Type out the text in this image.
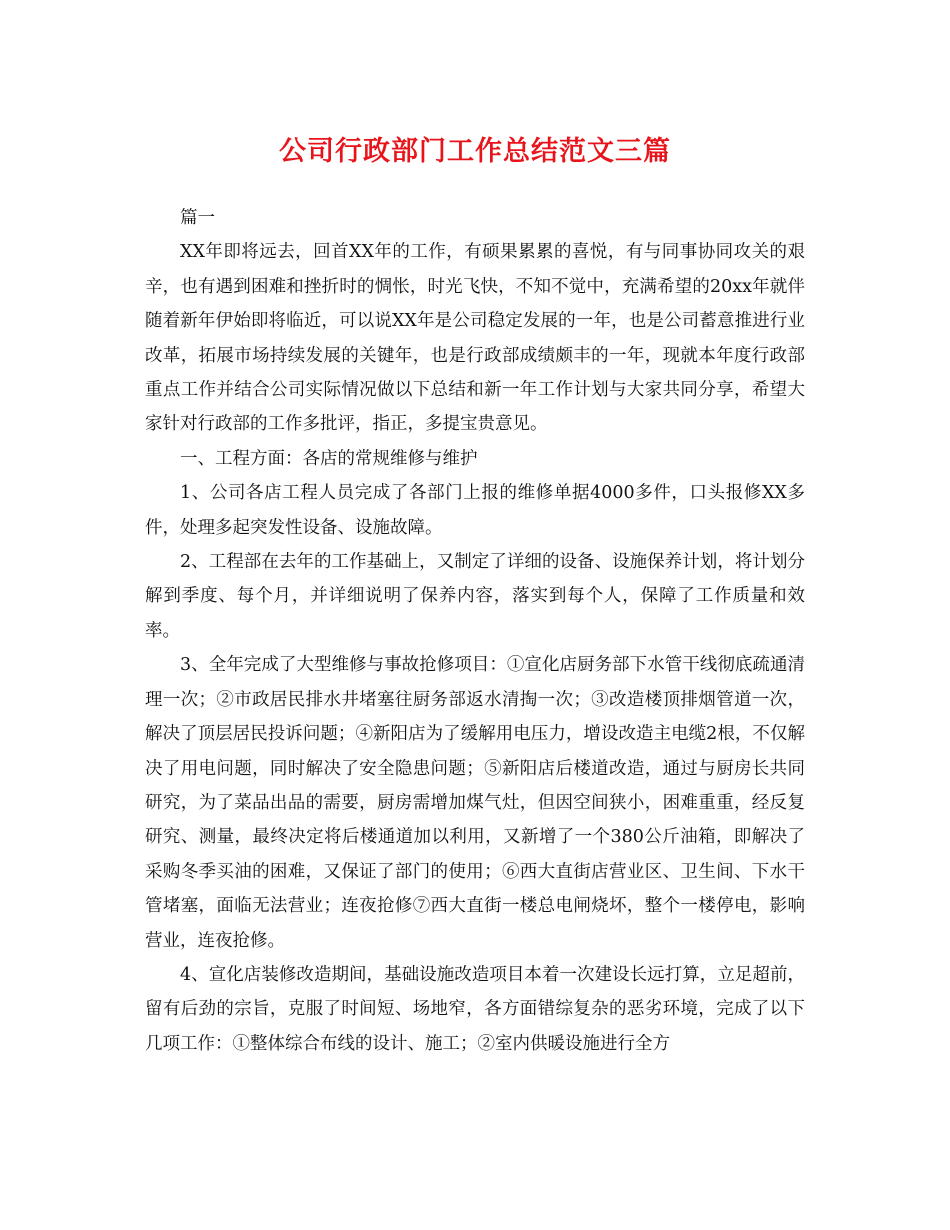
公司行政部门工作总结范文三篇

篇一

XX年即将远去，回首XX年的工作，有硕果累累的喜悦，有与同事协同攻关的艰辛，也有遇到困难和挫折时的惆怅，时光飞快，不知不觉中，充满希望的20xx年就伴随着新年伊始即将临近，可以说XX年是公司稳定发展的一年，也是公司蓄意推进行业改革，拓展市场持续发展的关键年，也是行政部成绩颇丰的一年，现就本年度行政部重点工作并结合公司实际情况做以下总结和新一年工作计划与大家共同分享，希望大家针对行政部的工作多批评，指正，多提宝贵意见。

一、工程方面：各店的常规维修与维护

1、公司各店工程人员完成了各部门上报的维修单据4000多件，口头报修XX多件，处理多起突发性设备、设施故障。

2、工程部在去年的工作基础上，又制定了详细的设备、设施保养计划，将计划分解到季度、每个月，并详细说明了保养内容，落实到每个人，保障了工作质量和效率。

3、全年完成了大型维修与事故抢修项目：①宣化店厨务部下水管干线彻底疏通清理一次；②市政居民排水井堵塞往厨务部返水清掏一次；③改造楼顶排烟管道一次，解决了顶层居民投诉问题；④新阳店为了缓解用电压力，增设改造主电缆2根，不仅解决了用电问题，同时解决了安全隐患问题；⑤新阳店后楼道改造，通过与厨房长共同研究，为了菜品出品的需要，厨房需增加煤气灶，但因空间狭小，困难重重，经反复研究、测量，最终决定将后楼通道加以利用，又新增了一个380公斤油箱，即解决了采购冬季买油的困难，又保证了部门的使用；⑥西大直街店营业区、卫生间、下水干管堵塞，面临无法营业；连夜抢修⑦西大直街一楼总电闸烧坏，整个一楼停电，影响营业，连夜抢修。

4、宣化店装修改造期间，基础设施改造项目本着一次建设长远打算，立足超前，留有后劲的宗旨，克服了时间短、场地窄，各方面错综复杂的恶劣环境，完成了以下几项工作：①整体综合布线的设计、施工；②室内供暖设施进行全方
